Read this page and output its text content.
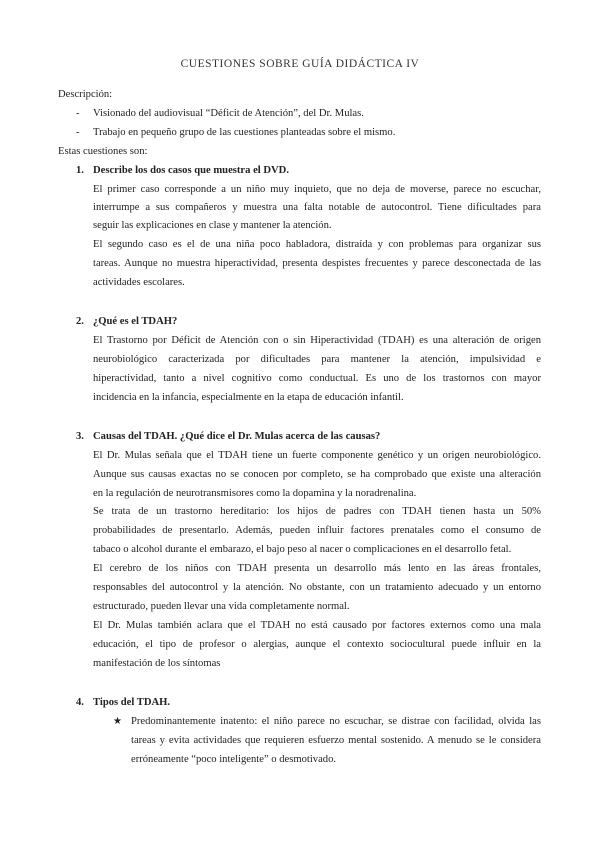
CUESTIONES SOBRE GUÍA DIDÁCTICA IV
Descripción:
- Visionado del audiovisual “Déficit de Atención”, del Dr. Mulas.
- Trabajo en pequeño grupo de las cuestiones planteadas sobre el mismo.
Estas cuestiones son:
1. Describe los dos casos que muestra el DVD.
El primer caso corresponde a un niño muy inquieto, que no deja de moverse, parece no escuchar,
interrumpe a sus compañeros y muestra una falta notable de autocontrol. Tiene dificultades para
seguir las explicaciones en clase y mantener la atención.
El segundo caso es el de una niña poco habladora, distraída y con problemas para organizar sus
tareas. Aunque no muestra hiperactividad, presenta despistes frecuentes y parece desconectada de las
actividades escolares.
2. ¿Qué es el TDAH?
El Trastorno por Déficit de Atención con o sin Hiperactividad (TDAH) es una alteración de origen
neurobiológico caracterizada por dificultades para mantener la atención, impulsividad e
hiperactividad, tanto a nivel cognitivo como conductual. Es uno de los trastornos con mayor
incidencia en la infancia, especialmente en la etapa de educación infantil.
3. Causas del TDAH. ¿Qué dice el Dr. Mulas acerca de las causas?
El Dr. Mulas señala que el TDAH tiene un fuerte componente genético y un origen neurobiológico.
Aunque sus causas exactas no se conocen por completo, se ha comprobado que existe una alteración
en la regulación de neurotransmisores como la dopamina y la noradrenalina.
Se trata de un trastorno hereditario: los hijos de padres con TDAH tienen hasta un 50%
probabilidades de presentarlo. Además, pueden influir factores prenatales como el consumo de
tabaco o alcohol durante el embarazo, el bajo peso al nacer o complicaciones en el desarrollo fetal.
El cerebro de los niños con TDAH presenta un desarrollo más lento en las áreas frontales,
responsables del autocontrol y la atención. No obstante, con un tratamiento adecuado y un entorno
estructurado, pueden llevar una vida completamente normal.
El Dr. Mulas también aclara que el TDAH no está causado por factores externos como una mala
educación, el tipo de profesor o alergias, aunque el contexto sociocultural puede influir en la
manifestación de los síntomas
4. Tipos del TDAH.
★ Predominantemente inatento: el niño parece no escuchar, se distrae con facilidad, olvida las
tareas y evita actividades que requieren esfuerzo mental sostenido. A menudo se le considera
erróneamente “poco inteligente” o desmotivado.
